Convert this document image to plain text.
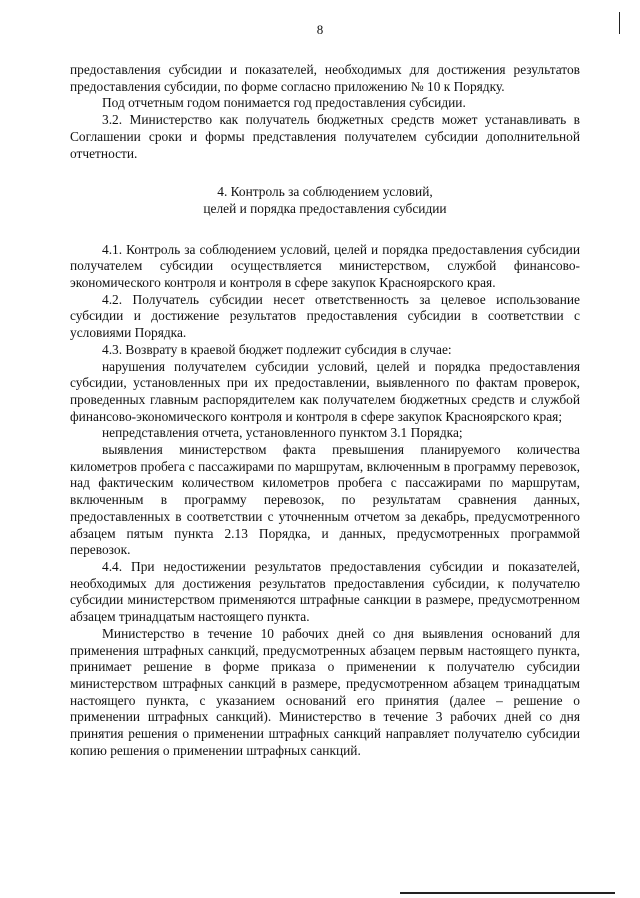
8

предоставления субсидии и показателей, необходимых для достижения результатов предоставления субсидии, по форме согласно приложению № 10 к Порядку.

Под отчетным годом понимается год предоставления субсидии.

3.2. Министерство как получатель бюджетных средств может устанавливать в Соглашении сроки и формы представления получателем субсидии дополнительной отчетности.

4. Контроль за соблюдением условий,
целей и порядка предоставления субсидии

4.1. Контроль за соблюдением условий, целей и порядка предоставления субсидии получателем субсидии осуществляется министерством, службой финансово-экономического контроля и контроля в сфере закупок Красноярского края.

4.2. Получатель субсидии несет ответственность за целевое использование субсидии и достижение результатов предоставления субсидии в соответствии с условиями Порядка.

4.3. Возврату в краевой бюджет подлежит субсидия в случае:

нарушения получателем субсидии условий, целей и порядка предоставления субсидии, установленных при их предоставлении, выявленного по фактам проверок, проведенных главным распорядителем как получателем бюджетных средств и службой финансово-экономического контроля и контроля в сфере закупок Красноярского края;

непредставления отчета, установленного пунктом 3.1 Порядка;

выявления министерством факта превышения планируемого количества километров пробега с пассажирами по маршрутам, включенным в программу перевозок, над фактическим количеством километров пробега с пассажирами по маршрутам, включенным в программу перевозок, по результатам сравнения данных, предоставленных в соответствии с уточненным отчетом за декабрь, предусмотренного абзацем пятым пункта 2.13 Порядка, и данных, предусмотренных программой перевозок.

4.4. При недостижении результатов предоставления субсидии и показателей, необходимых для достижения результатов предоставления субсидии, к получателю субсидии министерством применяются штрафные санкции в размере, предусмотренном абзацем тринадцатым настоящего пункта.

Министерство в течение 10 рабочих дней со дня выявления оснований для применения штрафных санкций, предусмотренных абзацем первым настоящего пункта, принимает решение в форме приказа о применении к получателю субсидии министерством штрафных санкций в размере, предусмотренном абзацем тринадцатым настоящего пункта, с указанием оснований его принятия (далее – решение о применении штрафных санкций). Министерство в течение 3 рабочих дней со дня принятия решения о применении штрафных санкций направляет получателю субсидии копию решения о применении штрафных санкций.
